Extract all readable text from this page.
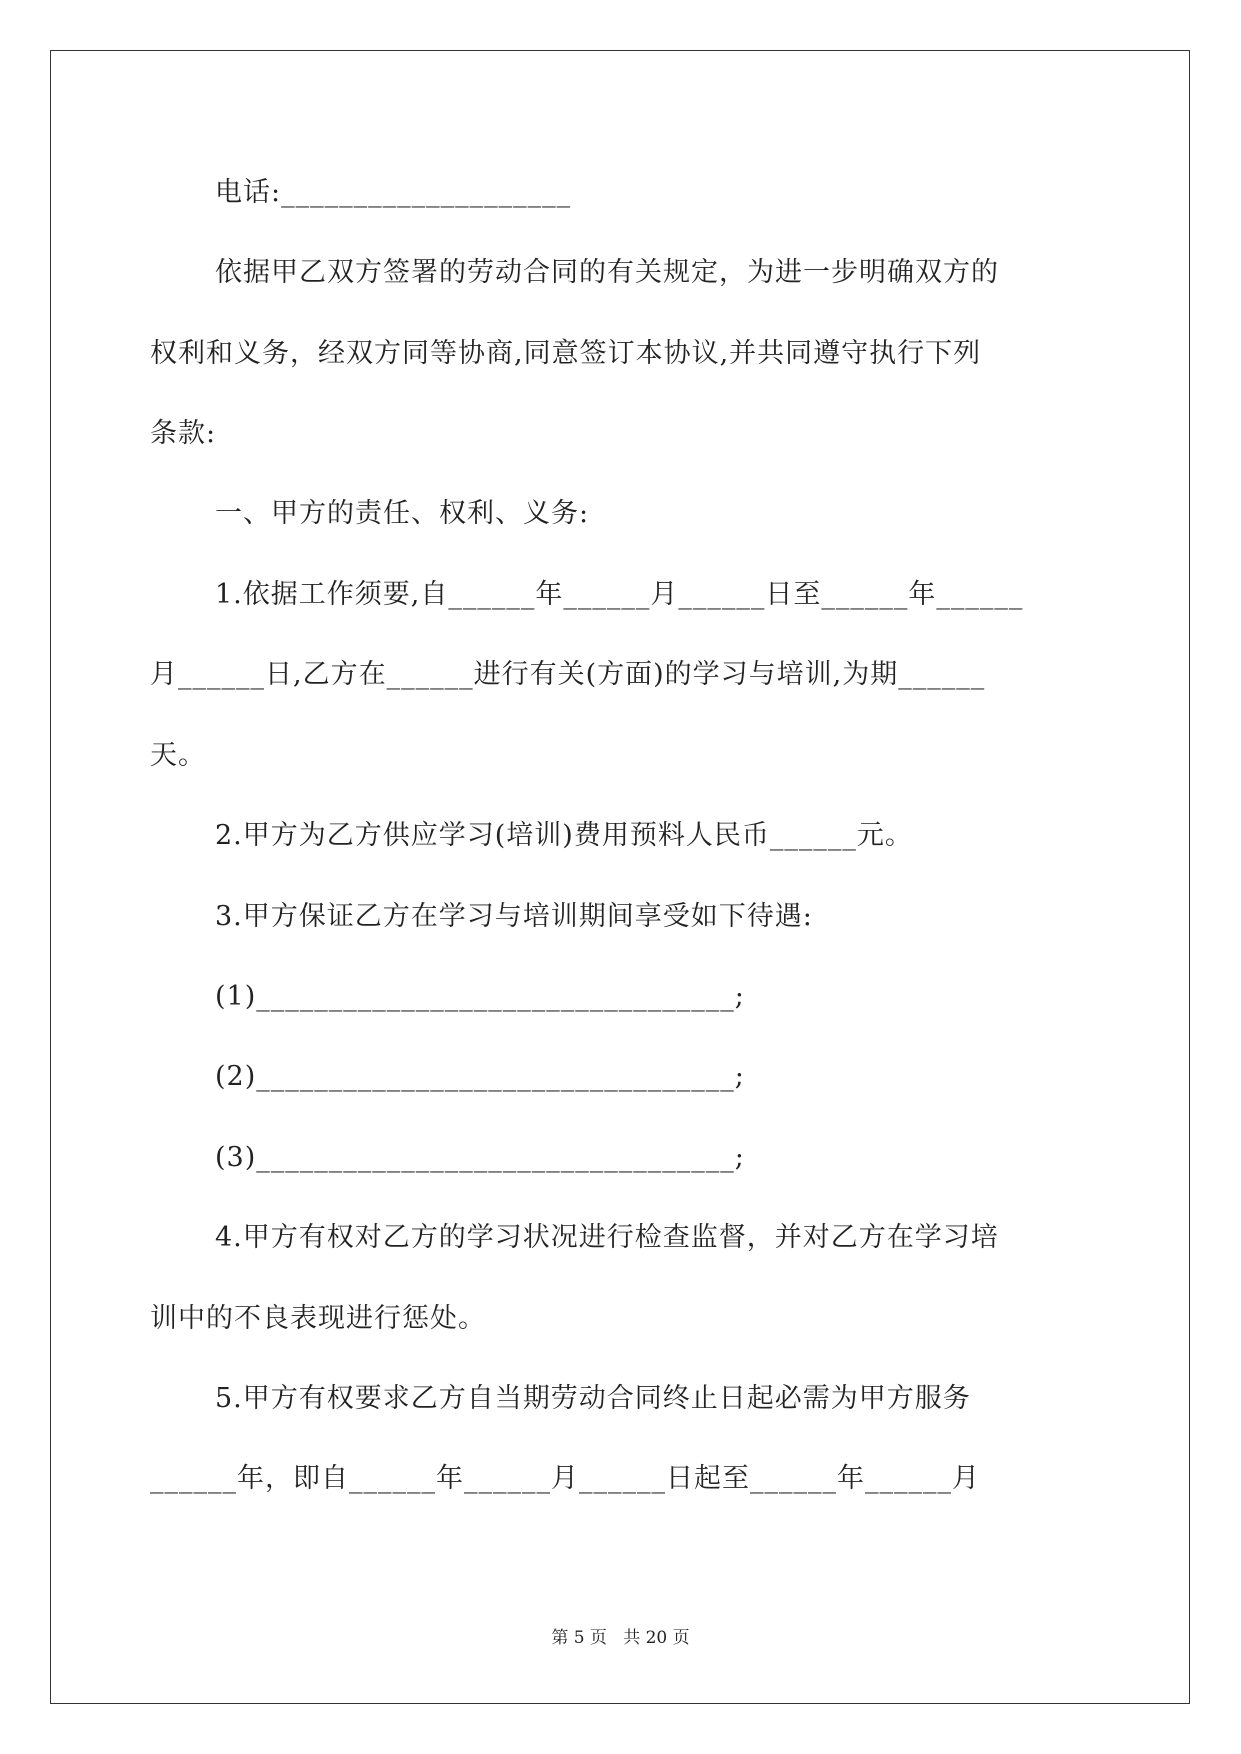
电话:____________________
依据甲乙双方签署的劳动合同的有关规定，为进一步明确双方的
权利和义务，经双方同等协商,同意签订本协议,并共同遵守执行下列
条款:
一、甲方的责任、权利、义务:
1.依据工作须要,自______年______月______日至______年______
月______日,乙方在______进行有关(方面)的学习与培训,为期______
天。
2.甲方为乙方供应学习(培训)费用预料人民币______元。
3.甲方保证乙方在学习与培训期间享受如下待遇:
(1)_________________________________;
(2)_________________________________;
(3)_________________________________;
4.甲方有权对乙方的学习状况进行检查监督，并对乙方在学习培
训中的不良表现进行惩处。
5.甲方有权要求乙方自当期劳动合同终止日起必需为甲方服务
______年，即自______年______月______日起至______年______月
第 5 页 共 20 页
